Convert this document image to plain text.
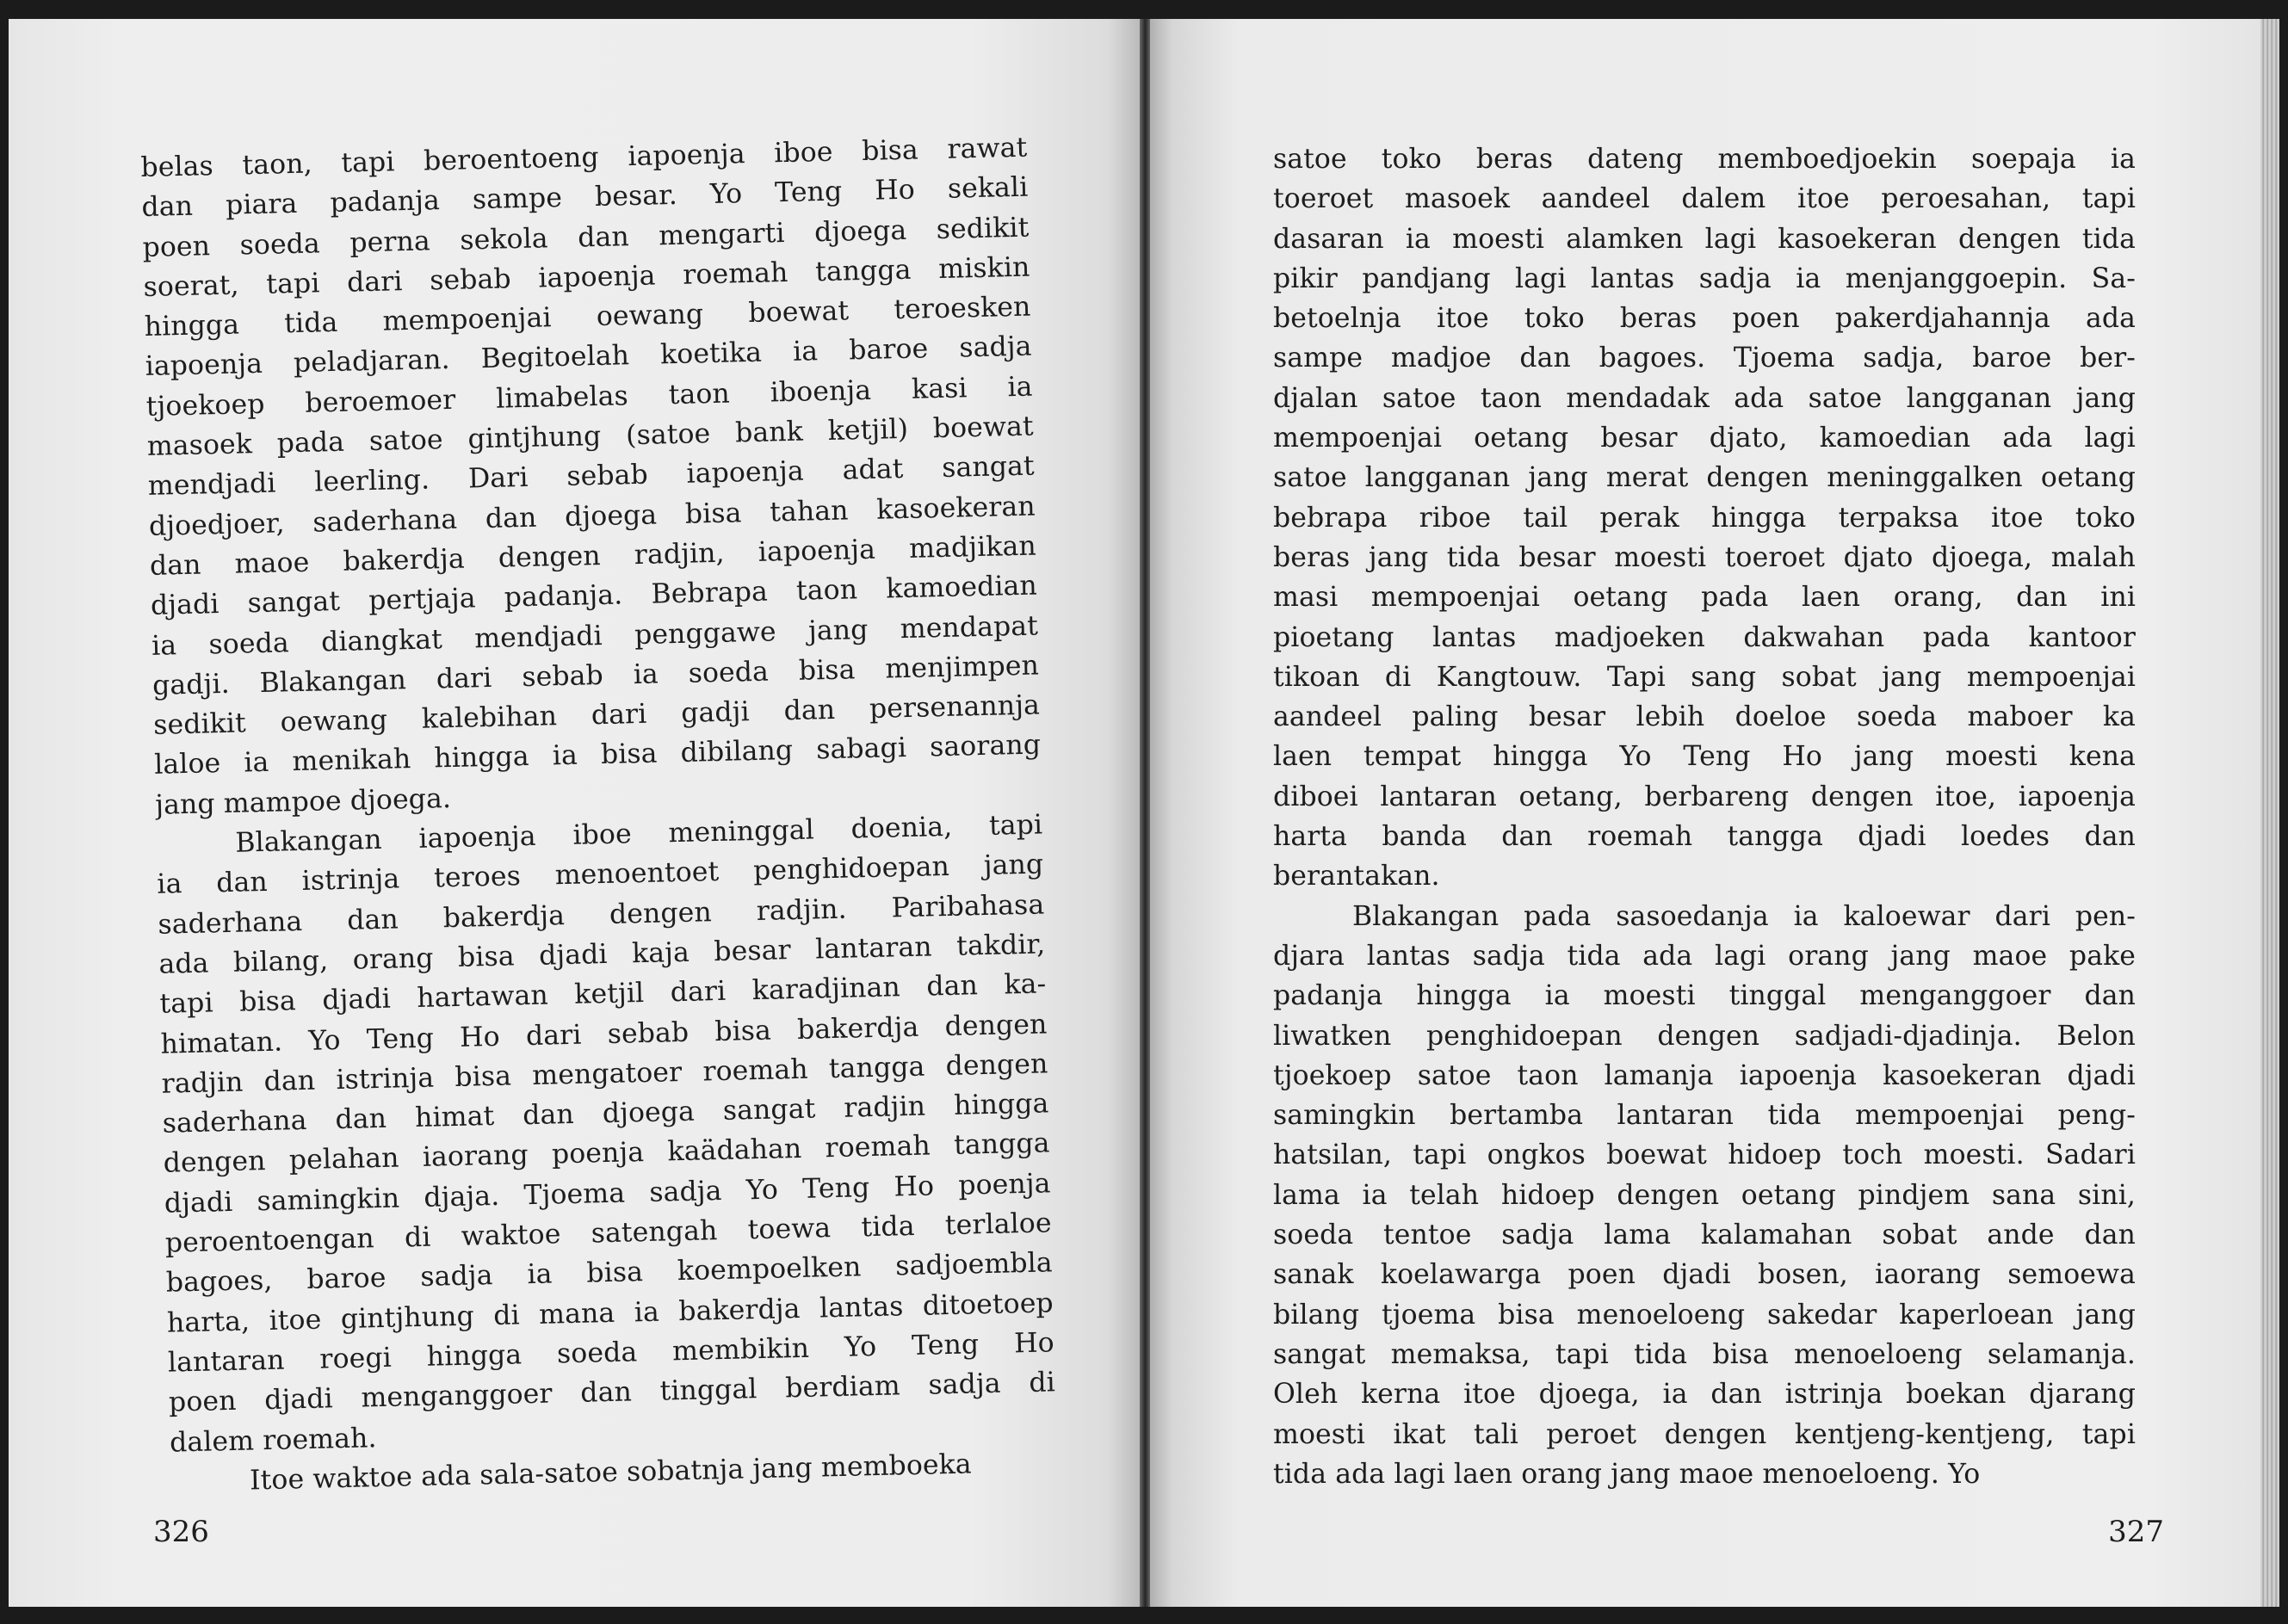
belas taon, tapi beroentoeng iapoenja iboe bisa rawat
dan piara padanja sampe besar. Yo Teng Ho sekali
poen soeda perna sekola dan mengarti djoega sedikit
soerat, tapi dari sebab iapoenja roemah tangga miskin
hingga tida mempoenjai oewang boewat teroesken
iapoenja peladjaran. Begitoelah koetika ia baroe sadja
tjoekoep beroemoer limabelas taon iboenja kasi ia
masoek pada satoe gintjhung (satoe bank ketjil) boewat
mendjadi leerling. Dari sebab iapoenja adat sangat
djoedjoer, saderhana dan djoega bisa tahan kasoekeran
dan maoe bakerdja dengen radjin, iapoenja madjikan
djadi sangat pertjaja padanja. Bebrapa taon kamoedian
ia soeda diangkat mendjadi penggawe jang mendapat
gadji. Blakangan dari sebab ia soeda bisa menjimpen
sedikit oewang kalebihan dari gadji dan persenannja
laloe ia menikah hingga ia bisa dibilang sabagi saorang
jang mampoe djoega.
Blakangan iapoenja iboe meninggal doenia, tapi
ia dan istrinja teroes menoentoet penghidoepan jang
saderhana dan bakerdja dengen radjin. Paribahasa
ada bilang, orang bisa djadi kaja besar lantaran takdir,
tapi bisa djadi hartawan ketjil dari karadjinan dan ka-
himatan. Yo Teng Ho dari sebab bisa bakerdja dengen
radjin dan istrinja bisa mengatoer roemah tangga dengen
saderhana dan himat dan djoega sangat radjin hingga
dengen pelahan iaorang poenja kaädahan roemah tangga
djadi samingkin djaja. Tjoema sadja Yo Teng Ho poenja
peroentoengan di waktoe satengah toewa tida terlaloe
bagoes, baroe sadja ia bisa koempoelken sadjoembla
harta, itoe gintjhung di mana ia bakerdja lantas ditoetoep
lantaran roegi hingga soeda membikin Yo Teng Ho
poen djadi menganggoer dan tinggal berdiam sadja di
dalem roemah.
Itoe waktoe ada sala-satoe sobatnja jang memboeka
326
satoe toko beras dateng memboedjoekin soepaja ia
toeroet masoek aandeel dalem itoe peroesahan, tapi
dasaran ia moesti alamken lagi kasoekeran dengen tida
pikir pandjang lagi lantas sadja ia menjanggoepin. Sa-
betoelnja itoe toko beras poen pakerdjahannja ada
sampe madjoe dan bagoes. Tjoema sadja, baroe ber-
djalan satoe taon mendadak ada satoe langganan jang
mempoenjai oetang besar djato, kamoedian ada lagi
satoe langganan jang merat dengen meninggalken oetang
bebrapa riboe tail perak hingga terpaksa itoe toko
beras jang tida besar moesti toeroet djato djoega, malah
masi mempoenjai oetang pada laen orang, dan ini
pioetang lantas madjoeken dakwahan pada kantoor
tikoan di Kangtouw. Tapi sang sobat jang mempoenjai
aandeel paling besar lebih doeloe soeda maboer ka
laen tempat hingga Yo Teng Ho jang moesti kena
diboei lantaran oetang, berbareng dengen itoe, iapoenja
harta banda dan roemah tangga djadi loedes dan
berantakan.
Blakangan pada sasoedanja ia kaloewar dari pen-
djara lantas sadja tida ada lagi orang jang maoe pake
padanja hingga ia moesti tinggal menganggoer dan
liwatken penghidoepan dengen sadjadi-djadinja. Belon
tjoekoep satoe taon lamanja iapoenja kasoekeran djadi
samingkin bertamba lantaran tida mempoenjai peng-
hatsilan, tapi ongkos boewat hidoep toch moesti. Sadari
lama ia telah hidoep dengen oetang pindjem sana sini,
soeda tentoe sadja lama kalamahan sobat ande dan
sanak koelawarga poen djadi bosen, iaorang semoewa
bilang tjoema bisa menoeloeng sakedar kaperloean jang
sangat memaksa, tapi tida bisa menoeloeng selamanja.
Oleh kerna itoe djoega, ia dan istrinja boekan djarang
moesti ikat tali peroet dengen kentjeng-kentjeng, tapi
tida ada lagi laen orang jang maoe menoeloeng. Yo
327
